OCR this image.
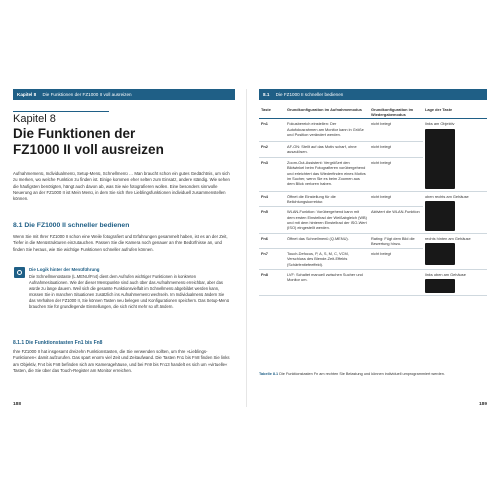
Kapitel 8 Die Funktionen der FZ1000 II voll ausreizen
Kapitel 8
Die Funktionen der
FZ1000 II voll ausreizen
Aufnahmemenü, Individualmenü, Setup-Menü, Schnellmenü … Man braucht schon ein gutes Gedächtnis, um sich zu merken, wo welche Funktion zu finden ist. Einige kommen eher selten zum Einsatz, andere ständig. Wie sehen die häufigsten benötigten, hängt auch davon ab, was Sie wie fotografieren wollen. Eine besonders sinnvolle Neuerung an der FZ1000 II ist Mein Menü, in dem Sie sich Ihre Lieblingsfunktionen individuell zusammenstellen können.
8.1 Die FZ1000 II schneller bedienen
Wenn Sie mit Ihrer FZ1000 II schon eine Weile fotografiert und Erfahrungen gesammelt haben, ist es an der Zeit, Tiefer in die Menüstrukturen einzutauchen. Passen Sie die Kamera noch genauer an Ihre Bedürfnisse an, und finden Sie heraus, wie Sie wichtige Funktionen schneller aufrufen können.
Die Logik hinter der Menüführung
Die Schnellmenüstaste (L.MENU/Fn4) dient dem Aufrufen wichtiger Funktionen in konkreten Aufnahmesituationen. Wie der dieser Menüpunkte sind auch über das Aufnahmemenü erreichbar, aber das würde zu lange dauern. Weil sich die gesamte Funktionsvielfalt im Schnellmenü abgebildet werden kann, müssen Sie in manchen Situationen zusätzlich ins Aufnahmemenü wechseln. Im Individualmenü ändern Sie das Verhalten der FZ1000 II, Sie können Tasten neu belegen und Konfigurationen speichern. Das Setup-Menü brauchen Sie für grundlegende Einstellungen, die sich nicht mehr so oft ändern.
8.1.1 Die Funktionstasten Fn1 bis Fn8
Ihre FZ1000 II hat insgesamt dreizehn Funktionstasten, die Sie verwenden sollten, um Ihre »Lieblings-Funktionen« damit aufzurufen. Das spart enorm viel Zeit und Zeitaufwand. Die Tasten Fn1 bis Fn8 finden Sie links am Objektiv, Fn4 bis Fn8 befinden sich am Kameragehäuse, und bei Fn9 bis Fn13 handelt es sich um »virtuelle« Tasten, die Sie über das Touch-Register am Monitor erreichen.
188
8.1 Die FZ1000 II schneller bedienen
Taste	Grundkonfiguration im Aufnahmemodus	Grundkonfiguration im Wiedergabemodus	Lage der Taste
Fn1	Fokusbereich einstellen: Der Autofokusrahmen am Monitor kann in Größe und Position verändert werden.	nicht belegt	links am Objektiv

Fn2	AF-ON: Stellt auf das Motiv scharf, ohne auszulösen.	nicht belegt	
Fn3	Zoom-Out-Assistent: Vergrößert den Bildwinkel beim Fotografieren vorübergehend und erleichtert das Wiederfinden eines Motivs im Sucher, wenn Sie es beim Zoomen aus dem Blick verloren haben.	nicht belegt	
Fn4	Öffnet die Einstellung für die Belichtungskorrektur.	nicht belegt	oben rechts am Gehäuse

Fn5	WLAN-Funktion: Vorübergehend kann mit dem ersten Einstellrad der Weißabgleich (WB) und mit dem hinteren Einstellrad der ISO-Wert (ISO) eingestellt werden.	Aktiviert die WLAN-Funktion	
Fn6	Öffnet das Schnellmenü (Q.MENU).	Rating: Fügt dem Bild die Bewertung hinzu.	rechts hinten am Gehäuse

Fn7	Touch-Defocus, P, A, S, M, C, VCM, Verschluss des Blende-Zeit-Effekts (Schärfentiefeeffekt).	nicht belegt	
Fn8	LVF: Schaltet manuell zwischen Sucher und Monitor um.		links oben am Gehäuse
Tabelle 8.1 Die Funktionstasten Fn am rechten Sie Belastung und können individuell umprogrammiert werden.
189
